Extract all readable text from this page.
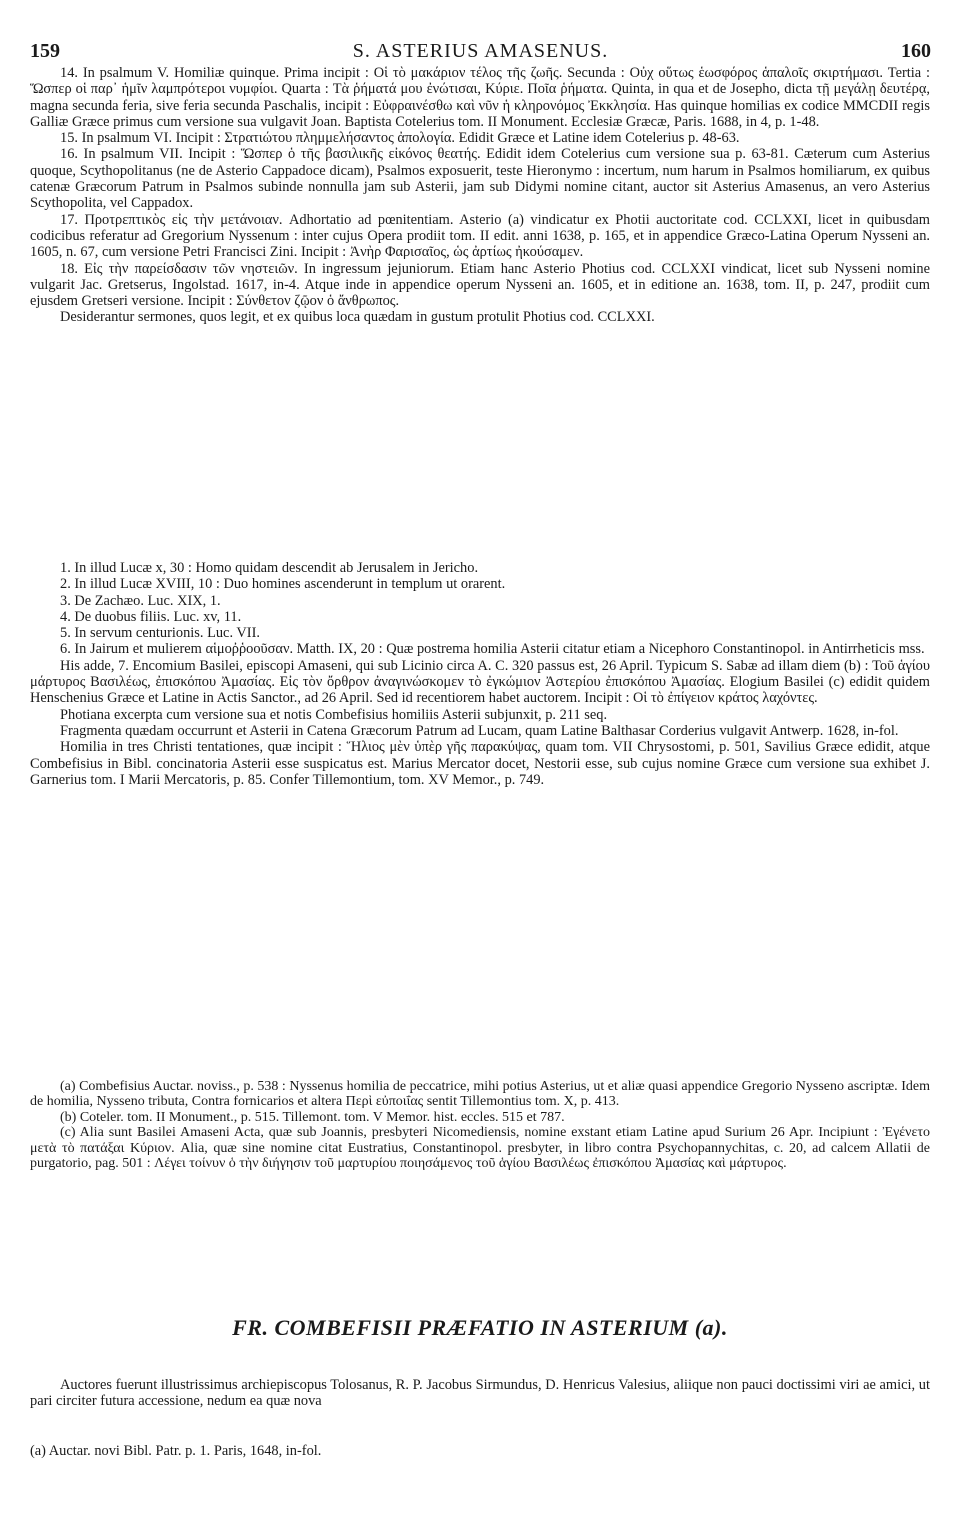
159	S. ASTERIUS AMASENUS.	160

14. In psalmum V. Homiliæ quinque. Prima incipit : Οἱ τὸ μακάριον τέλος τῆς ζωῆς. Secunda : Οὐχ οὕτως ἑωσφόρος ἁπαλοῖς σκιρτήμασι. Tertia : Ὥσπερ οἱ παρ᾽ ἡμῖν λαμπρότεροι νυμφίοι. Quarta : Τὰ ῥήματά μου ἐνώτισαι, Κύριε. Ποῖα ῥήματα. Quinta, in qua et de Josepho, dicta τῇ μεγάλῃ δευτέρᾳ, magna secunda feria, sive feria secunda Paschalis, incipit : Εὐφραινέσθω καὶ νῦν ἡ κληρονόμος Ἐκκλησία. Has quinque homilias ex codice MMCDII regis Galliæ Græce primus cum versione sua vulgavit Joan. Baptista Cotelerius tom. II Monument. Ecclesiæ Græcæ, Paris. 1688, in 4, p. 1-48.

15. In psalmum VI. Incipit : Στρατιώτου πλημμελήσαντος ἀπολογία. Edidit Græce et Latine idem Cotelerius p. 48-63.

16. In psalmum VII. Incipit : Ὥσπερ ὁ τῆς βασιλικῆς εἰκόνος θεατής. Edidit idem Cotelerius cum versione sua p. 63-81. Cæterum cum Asterius quoque, Scythopolitanus (ne de Asterio Cappadoce dicam), Psalmos exposuerit, teste Hieronymo : incertum, num harum in Psalmos homiliarum, ex quibus catenæ Græcorum Patrum in Psalmos subinde nonnulla jam sub Asterii, jam sub Didymi nomine citant, auctor sit Asterius Amasenus, an vero Asterius Scythopolita, vel Cappadox.

17. Προτρεπτικὸς εἰς τὴν μετάνοιαν. Adhortatio ad pœnitentiam. Asterio (a) vindicatur ex Photii auctoritate cod. CCLXXI, licet in quibusdam codicibus referatur ad Gregorium Nyssenum : inter cujus Opera prodiit tom. II edit. anni 1638, p. 165, et in appendice Græco-Latina Operum Nysseni an. 1605, n. 67, cum versione Petri Francisci Zini. Incipit : Ἀνὴρ Φαρισαῖος, ὡς ἀρτίως ἠκούσαμεν.

18. Εἰς τὴν παρείσδασιν τῶν νηστειῶν. In ingressum jejuniorum. Etiam hanc Asterio Photius cod. CCLXXI vindicat, licet sub Nysseni nomine vulgarit Jac. Gretserus, Ingolstad. 1617, in-4. Atque inde in appendice operum Nysseni an. 1605, et in editione an. 1638, tom. II, p. 247, prodiit cum ejusdem Gretseri versione. Incipit : Σύνθετον ζῷον ὁ ἄνθρωπος.

Desiderantur sermones, quos legit, et ex quibus loca quædam in gustum protulit Photius cod. CCLXXI.

1. In illud Lucæ x, 30 : Homo quidam descendit ab Jerusalem in Jericho.

2. In illud Lucæ XVIII, 10 : Duo homines ascenderunt in templum ut orarent.

3. De Zachæo. Luc. XIX, 1.

4. De duobus filiis. Luc. xv, 11.

5. In servum centurionis. Luc. VII.

6. In Jairum et mulierem αἱμοῤῥοοῦσαν. Matth. IX, 20 : Quæ postrema homilia Asterii citatur etiam a Nicephoro Constantinopol. in Antirrheticis mss.

His adde, 7. Encomium Basilei, episcopi Amaseni, qui sub Licinio circa A. C. 320 passus est, 26 April. Typicum S. Sabæ ad illam diem (b) : Τοῦ ἁγίου μάρτυρος Βασιλέως, ἐπισκόπου Ἀμασίας. Εἰς τὸν ὄρθρον ἀναγινώσκομεν τὸ ἐγκώμιον Ἀστερίου ἐπισκόπου Ἀμασίας. Elogium Basilei (c) edidit quidem Henschenius Græce et Latine in Actis Sanctor., ad 26 April. Sed id recentiorem habet auctorem. Incipit : Οἱ τὸ ἐπίγειον κράτος λαχόντες.

Photiana excerpta cum versione sua et notis Combefisius homiliis Asterii subjunxit, p. 211 seq.

Fragmenta quædam occurrunt et Asterii in Catena Græcorum Patrum ad Lucam, quam Latine Balthasar Corderius vulgavit Antwerp. 1628, in-fol.

Homilia in tres Christi tentationes, quæ incipit : Ἥλιος μὲν ὑπὲρ γῆς παρακύψας, quam tom. VII Chrysostomi, p. 501, Savilius Græce edidit, atque Combefisius in Bibl. concinatoria Asterii esse suspicatus est. Marius Mercator docet, Nestorii esse, sub cujus nomine Græce cum versione sua exhibet J. Garnerius tom. I Marii Mercatoris, p. 85. Confer Tillemontium, tom. XV Memor., p. 749.

(a) Combefisius Auctar. noviss., p. 538 : Nyssenus homilia de peccatrice, mihi potius Asterius, ut et aliæ quasi appendice Gregorio Nysseno ascriptæ. Idem de homilia, Nysseno tributa, Contra fornicarios et altera Περὶ εὐποιΐας sentit Tillemontius tom. X, p. 413.

(b) Coteler. tom. II Monument., p. 515. Tillemont. tom. V Memor. hist. eccles. 515 et 787.

(c) Alia sunt Basilei Amaseni Acta, quæ sub Joannis, presbyteri Nicomediensis, nomine exstant etiam Latine apud Surium 26 Apr. Incipiunt : Ἐγένετο μετὰ τὸ πατάξαι Κύριον. Alia, quæ sine nomine citat Eustratius, Constantinopol. presbyter, in libro contra Psychopannychitas, c. 20, ad calcem Allatii de purgatorio, pag. 501 : Λέγει τοίνυν ὁ τὴν διήγησιν τοῦ μαρτυρίου ποιησάμενος τοῦ ἁγίου Βασιλέως ἐπισκόπου Ἀμασίας καὶ μάρτυρος.

FR. COMBEFISII PRÆFATIO IN ASTERIUM (a).

Auctores fuerunt illustrissimus archiepiscopus Tolosanus, R. P. Jacobus Sirmundus, D. Henricus Valesius, aliique non pauci doctissimi viri ae amici, ut pari circiter futura accessione, nedum ea quæ nova

(a) Auctar. novi Bibl. Patr. p. 1. Paris, 1648, in-fol.
